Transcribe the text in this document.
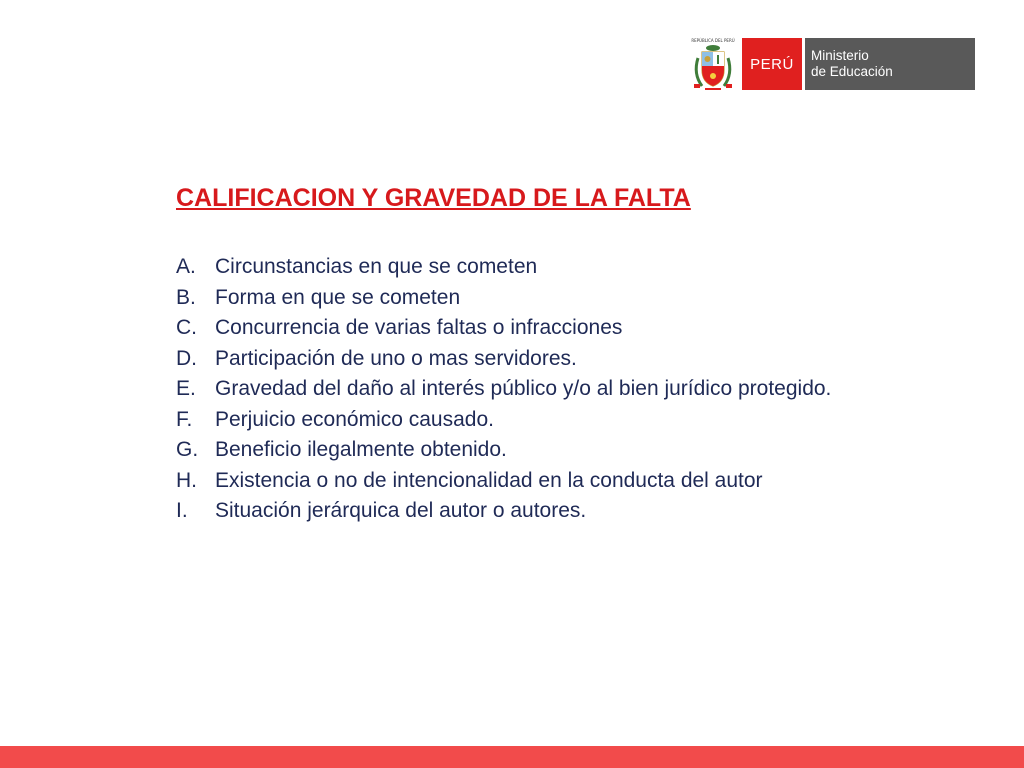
REPÚBLICA DEL PERÚ
PERÚ Ministerio
de Educación
CALIFICACION Y GRAVEDAD DE LA FALTA
A. Circunstancias en que se cometen
B. Forma en que se cometen
C. Concurrencia de varias faltas o infracciones
D. Participación de uno o mas servidores.
E. Gravedad del daño al interés público y/o al bien jurídico protegido.
F.	Perjuicio económico causado.
G. Beneficio ilegalmente obtenido.
H. Existencia o no de intencionalidad en la conducta del autor
I.	Situación jerárquica del autor o autores.
